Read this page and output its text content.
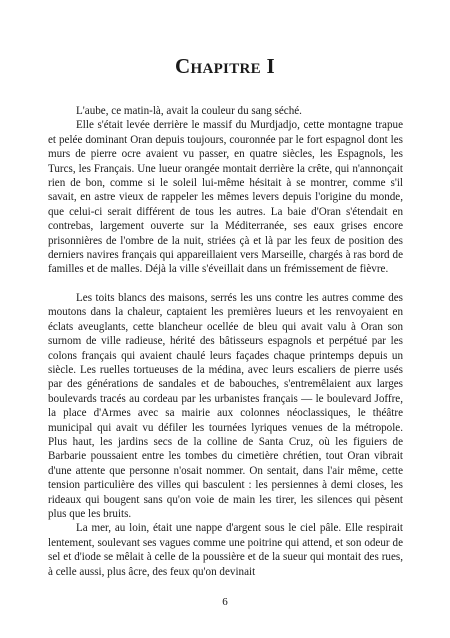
Chapitre I

L'aube, ce matin-là, avait la couleur du sang séché.

Elle s'était levée derrière le massif du Murdjadjo, cette montagne trapue et pelée dominant Oran depuis toujours, couronnée par le fort espagnol dont les murs de pierre ocre avaient vu passer, en quatre siècles, les Espagnols, les Turcs, les Français. Une lueur orangée montait derrière la crête, qui n'annonçait rien de bon, comme si le soleil lui-même hésitait à se montrer, comme s'il savait, en astre vieux de rappeler les mêmes levers depuis l'origine du monde, que celui-ci serait différent de tous les autres. La baie d'Oran s'étendait en contrebas, largement ouverte sur la Méditerranée, ses eaux grises encore prisonnières de l'ombre de la nuit, striées çà et là par les feux de position des derniers navires français qui appareillaient vers Marseille, chargés à ras bord de familles et de malles. Déjà la ville s'éveillait dans un frémissement de fièvre.

Les toits blancs des maisons, serrés les uns contre les autres comme des moutons dans la chaleur, captaient les premières lueurs et les renvoyaient en éclats aveuglants, cette blancheur ocellée de bleu qui avait valu à Oran son surnom de ville radieuse, hérité des bâtisseurs espagnols et perpétué par les colons français qui avaient chaulé leurs façades chaque printemps depuis un siècle. Les ruelles tortueuses de la médina, avec leurs escaliers de pierre usés par des générations de sandales et de babouches, s'entremêlaient aux larges boulevards tracés au cordeau par les urbanistes français — le boulevard Joffre, la place d'Armes avec sa mairie aux colonnes néoclassiques, le théâtre municipal qui avait vu défiler les tournées lyriques venues de la métropole. Plus haut, les jardins secs de la colline de Santa Cruz, où les figuiers de Barbarie poussaient entre les tombes du cimetière chrétien, tout Oran vibrait d'une attente que personne n'osait nommer. On sentait, dans l'air même, cette tension particulière des villes qui basculent : les persiennes à demi closes, les rideaux qui bougent sans qu'on voie de main les tirer, les silences qui pèsent plus que les bruits.

La mer, au loin, était une nappe d'argent sous le ciel pâle. Elle respirait lentement, soulevant ses vagues comme une poitrine qui attend, et son odeur de sel et d'iode se mêlait à celle de la poussière et de la sueur qui montait des rues, à celle aussi, plus âcre, des feux qu'on devinait

6
